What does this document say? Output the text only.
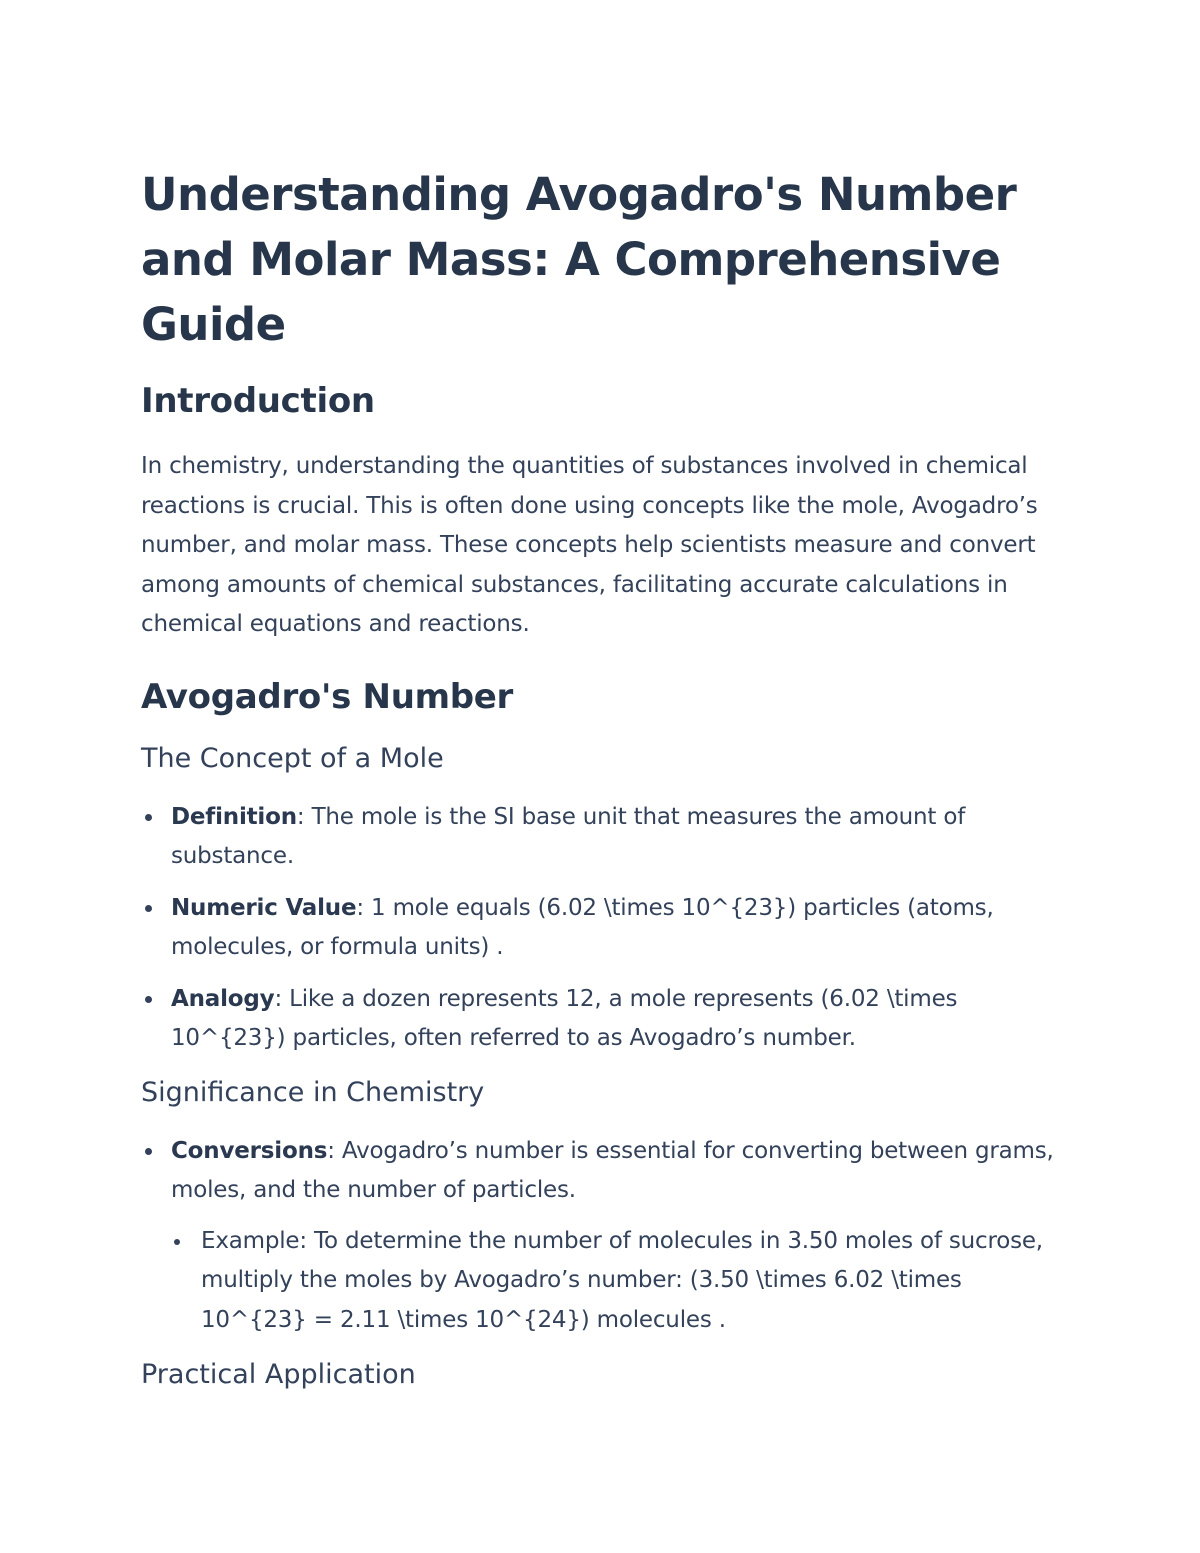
Understanding Avogadro's Number and Molar Mass: A Comprehensive Guide
Introduction

In chemistry, understanding the quantities of substances involved in chemical reactions is crucial. This is often done using concepts like the mole, Avogadro’s number, and molar mass. These concepts help scientists measure and convert among amounts of chemical substances, facilitating accurate calculations in chemical equations and reactions.

Avogadro's Number
The Concept of a Mole
Definition: The mole is the SI base unit that measures the amount of substance.
Numeric Value: 1 mole equals (6.02 \times 10^{23}) particles (atoms, molecules, or formula units) .
Analogy: Like a dozen represents 12, a mole represents (6.02 \times 10^{23}) particles, often referred to as Avogadro’s number.
Significance in Chemistry
Conversions: Avogadro’s number is essential for converting between grams, moles, and the number of particles.
Example: To determine the number of molecules in 3.50 moles of sucrose, multiply the moles by Avogadro’s number: (3.50 \times 6.02 \times 10^{23} = 2.11 \times 10^{24}) molecules .
Practical Application
